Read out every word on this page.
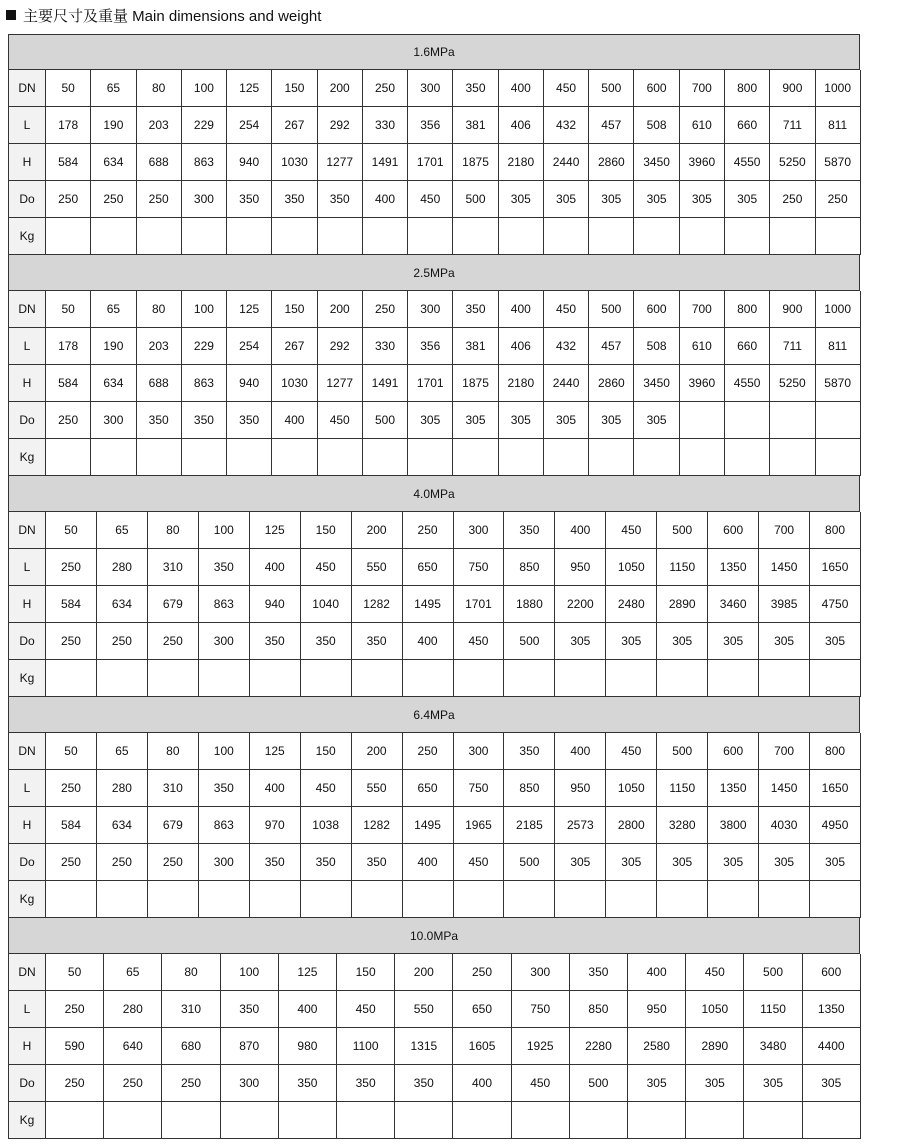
主要尺寸及重量 Main dimensions and weight
1.6MPa
DN	50	65	80	100	125	150	200	250	300	350	400	450	500	600	700	800	900	1000
L	178	190	203	229	254	267	292	330	356	381	406	432	457	508	610	660	711	811
H	584	634	688	863	940	1030	1277	1491	1701	1875	2180	2440	2860	3450	3960	4550	5250	5870
Do	250	250	250	300	350	350	350	400	450	500	305	305	305	305	305	305	250	250
Kg																		
2.5MPa
DN	50	65	80	100	125	150	200	250	300	350	400	450	500	600	700	800	900	1000
L	178	190	203	229	254	267	292	330	356	381	406	432	457	508	610	660	711	811
H	584	634	688	863	940	1030	1277	1491	1701	1875	2180	2440	2860	3450	3960	4550	5250	5870
Do	250	300	350	350	350	400	450	500	305	305	305	305	305	305				
Kg																		
4.0MPa
DN	50	65	80	100	125	150	200	250	300	350	400	450	500	600	700	800
L	250	280	310	350	400	450	550	650	750	850	950	1050	1150	1350	1450	1650
H	584	634	679	863	940	1040	1282	1495	1701	1880	2200	2480	2890	3460	3985	4750
Do	250	250	250	300	350	350	350	400	450	500	305	305	305	305	305	305
Kg																
6.4MPa
DN	50	65	80	100	125	150	200	250	300	350	400	450	500	600	700	800
L	250	280	310	350	400	450	550	650	750	850	950	1050	1150	1350	1450	1650
H	584	634	679	863	970	1038	1282	1495	1965	2185	2573	2800	3280	3800	4030	4950
Do	250	250	250	300	350	350	350	400	450	500	305	305	305	305	305	305
Kg																
10.0MPa
DN	50	65	80	100	125	150	200	250	300	350	400	450	500	600
L	250	280	310	350	400	450	550	650	750	850	950	1050	1150	1350
H	590	640	680	870	980	1100	1315	1605	1925	2280	2580	2890	3480	4400
Do	250	250	250	300	350	350	350	400	450	500	305	305	305	305
Kg														
